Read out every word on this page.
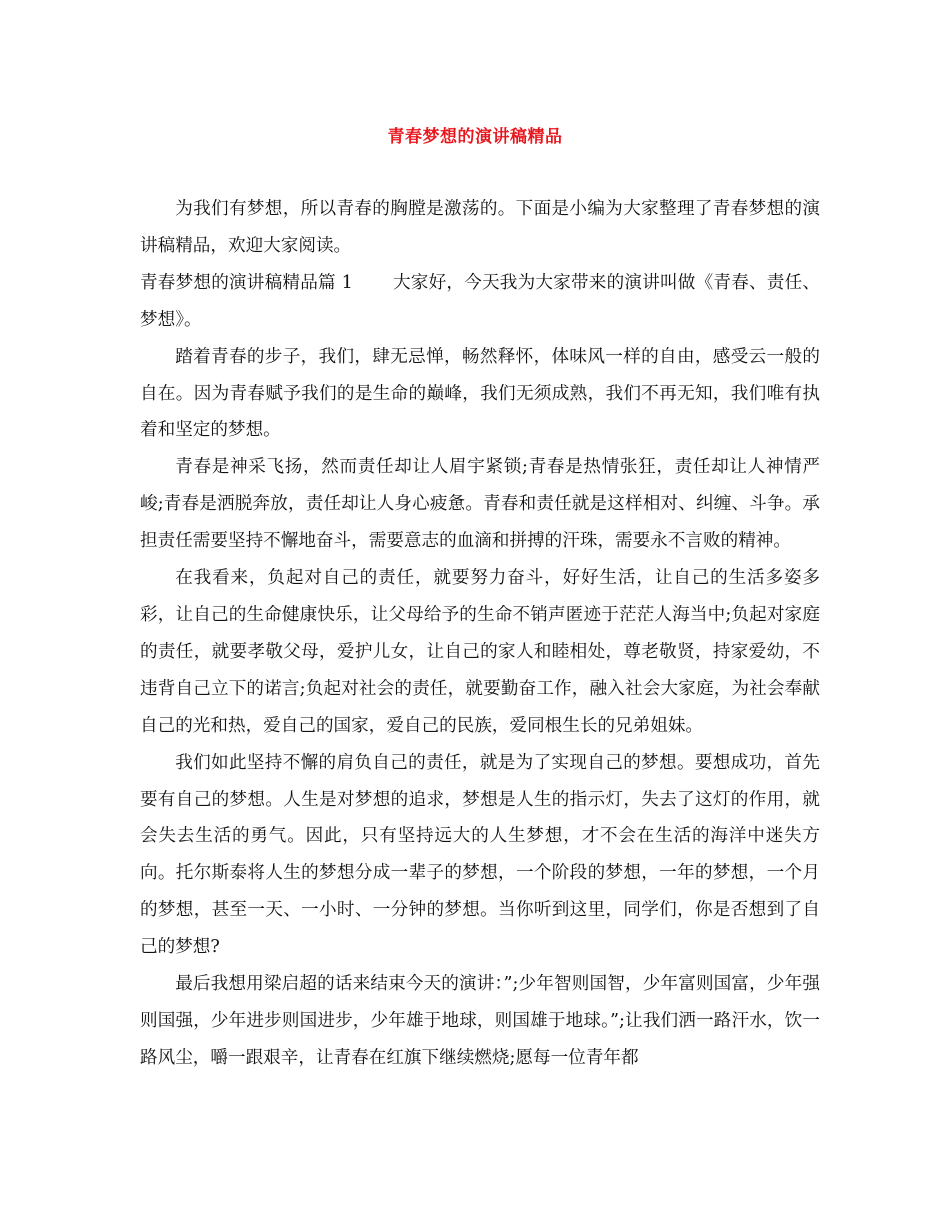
青春梦想的演讲稿精品

为我们有梦想，所以青春的胸膛是激荡的。下面是小编为大家整理了青春梦想的演讲稿精品，欢迎大家阅读。

青春梦想的演讲稿精品篇 1 大家好，今天我为大家带来的演讲叫做《青春、责任、梦想》。

踏着青春的步子，我们，肆无忌惮，畅然释怀，体味风一样的自由，感受云一般的自在。因为青春赋予我们的是生命的巅峰，我们无须成熟，我们不再无知，我们唯有执着和坚定的梦想。

青春是神采飞扬，然而责任却让人眉宇紧锁;青春是热情张狂，责任却让人神情严峻;青春是洒脱奔放，责任却让人身心疲惫。青春和责任就是这样相对、纠缠、斗争。承担责任需要坚持不懈地奋斗，需要意志的血滴和拼搏的汗珠，需要永不言败的精神。

在我看来，负起对自己的责任，就要努力奋斗，好好生活，让自己的生活多姿多彩，让自己的生命健康快乐，让父母给予的生命不销声匿迹于茫茫人海当中;负起对家庭的责任，就要孝敬父母，爱护儿女，让自己的家人和睦相处，尊老敬贤，持家爱幼，不违背自己立下的诺言;负起对社会的责任，就要勤奋工作，融入社会大家庭，为社会奉献自己的光和热，爱自己的国家，爱自己的民族，爱同根生长的兄弟姐妹。

我们如此坚持不懈的肩负自己的责任，就是为了实现自己的梦想。要想成功，首先要有自己的梦想。人生是对梦想的追求，梦想是人生的指示灯，失去了这灯的作用，就会失去生活的勇气。因此，只有坚持远大的人生梦想，才不会在生活的海洋中迷失方向。托尔斯泰将人生的梦想分成一辈子的梦想，一个阶段的梦想，一年的梦想，一个月的梦想，甚至一天、一小时、一分钟的梦想。当你听到这里，同学们，你是否想到了自己的梦想?

最后我想用梁启超的话来结束今天的演讲：”;少年智则国智，少年富则国富，少年强则国强，少年进步则国进步，少年雄于地球，则国雄于地球。”;让我们洒一路汗水，饮一路风尘，嚼一跟艰辛，让青春在红旗下继续燃烧;愿每一位青年都
